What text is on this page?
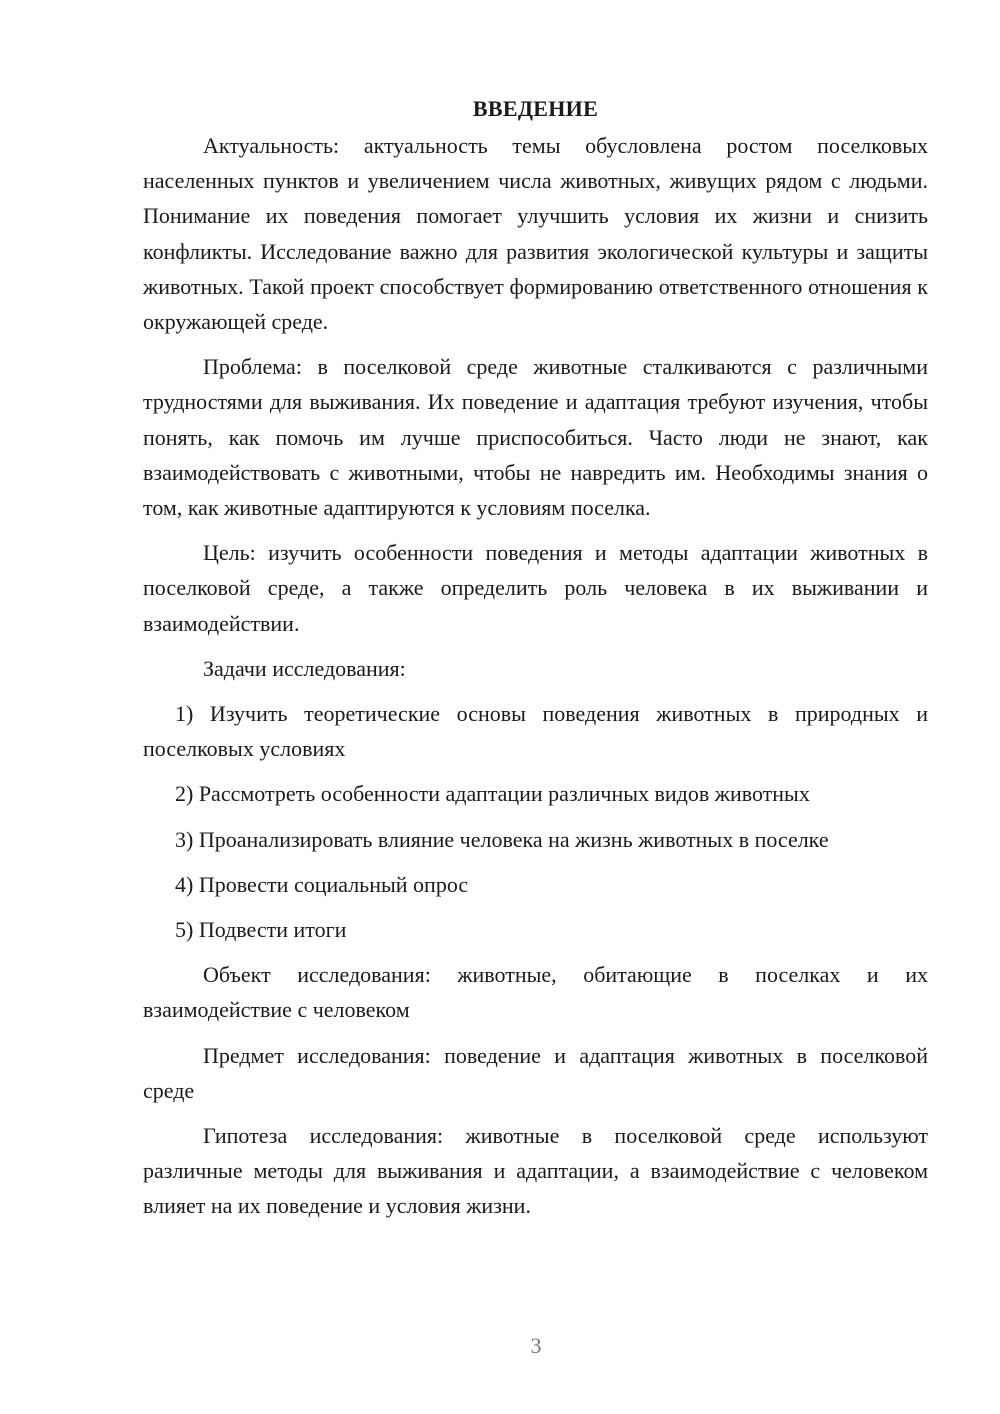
ВВЕДЕНИЕ

Актуальность: актуальность темы обусловлена ростом поселковых населенных пунктов и увеличением числа животных, живущих рядом с людьми. Понимание их поведения помогает улучшить условия их жизни и снизить конфликты. Исследование важно для развития экологической культуры и защиты животных. Такой проект способствует формированию ответственного отношения к окружающей среде.

Проблема: в поселковой среде животные сталкиваются с различными трудностями для выживания. Их поведение и адаптация требуют изучения, чтобы понять, как помочь им лучше приспособиться. Часто люди не знают, как взаимодействовать с животными, чтобы не навредить им. Необходимы знания о том, как животные адаптируются к условиям поселка.

Цель: изучить особенности поведения и методы адаптации животных в поселковой среде, а также определить роль человека в их выживании и взаимодействии.

Задачи исследования:

1) Изучить теоретические основы поведения животных в природных и поселковых условиях
2) Рассмотреть особенности адаптации различных видов животных
3) Проанализировать влияние человека на жизнь животных в поселке
4) Провести социальный опрос
5) Подвести итоги

Объект исследования: животные, обитающие в поселках и их взаимодействие с человеком

Предмет исследования: поведение и адаптация животных в поселковой среде

Гипотеза исследования: животные в поселковой среде используют различные методы для выживания и адаптации, а взаимодействие с человеком влияет на их поведение и условия жизни.

3
